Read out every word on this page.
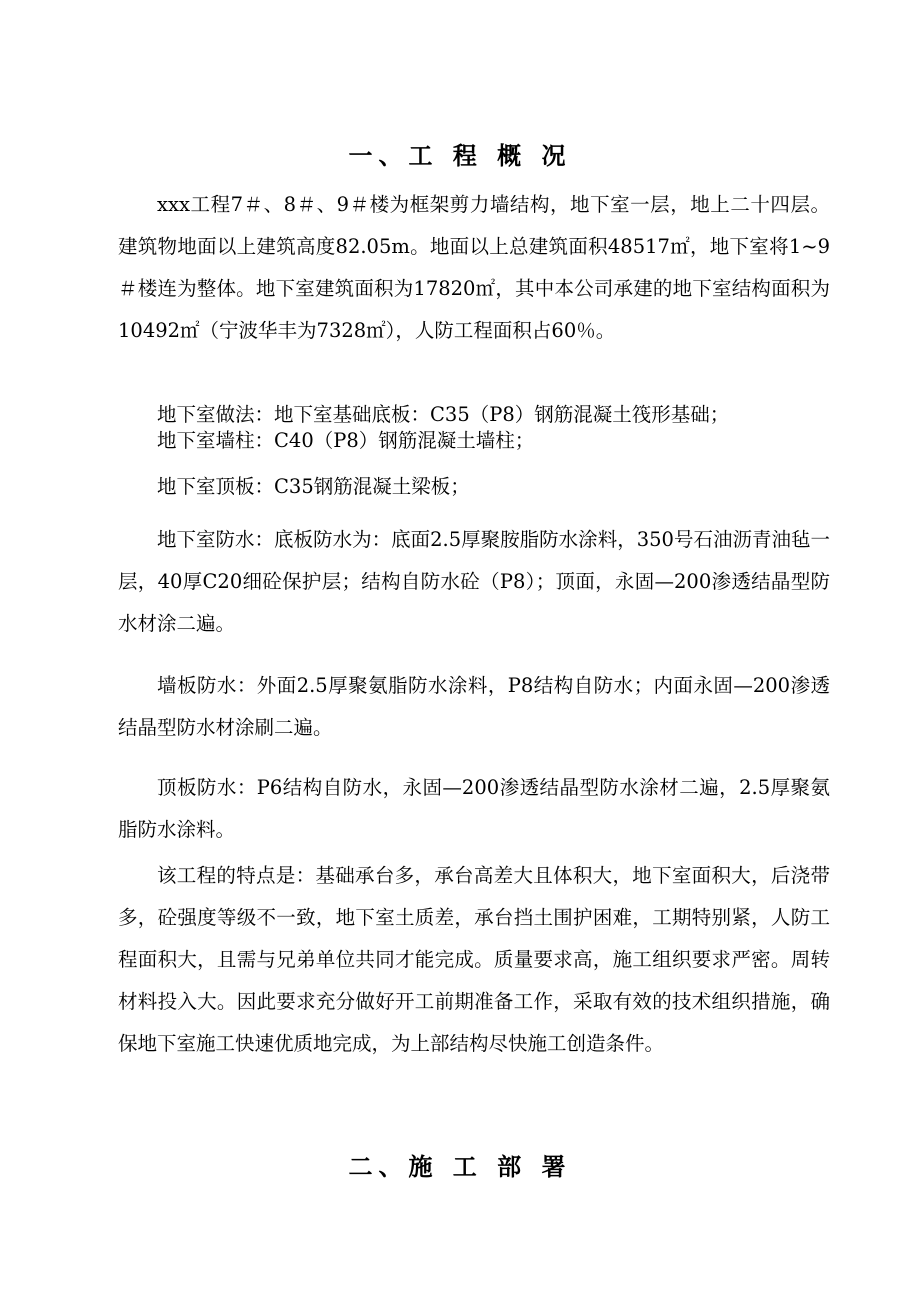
一、工 程 概 况

xxx工程7＃、8＃、9＃楼为框架剪力墙结构，地下室一层，地上二十四层。建筑物地面以上建筑高度82.05m。地面以上总建筑面积48517㎡，地下室将1~9＃楼连为整体。地下室建筑面积为17820㎡，其中本公司承建的地下室结构面积为10492㎡（宁波华丰为7328㎡），人防工程面积占60％。

地下室做法：地下室基础底板：C35（P8）钢筋混凝土筏形基础；

地下室墙柱：C40（P8）钢筋混凝土墙柱；

地下室顶板：C35钢筋混凝土梁板；

地下室防水：底板防水为：底面2.5厚聚胺脂防水涂料，350号石油沥青油毡一层，40厚C20细砼保护层；结构自防水砼（P8）；顶面，永固—200渗透结晶型防水材涂二遍。

墙板防水：外面2.5厚聚氨脂防水涂料，P8结构自防水；内面永固—200渗透结晶型防水材涂刷二遍。

顶板防水：P6结构自防水，永固—200渗透结晶型防水涂材二遍，2.5厚聚氨脂防水涂料。

该工程的特点是：基础承台多，承台高差大且体积大，地下室面积大，后浇带多，砼强度等级不一致，地下室土质差，承台挡土围护困难，工期特别紧，人防工程面积大，且需与兄弟单位共同才能完成。质量要求高，施工组织要求严密。周转材料投入大。因此要求充分做好开工前期准备工作，采取有效的技术组织措施，确保地下室施工快速优质地完成，为上部结构尽快施工创造条件。

二、施 工 部 署
